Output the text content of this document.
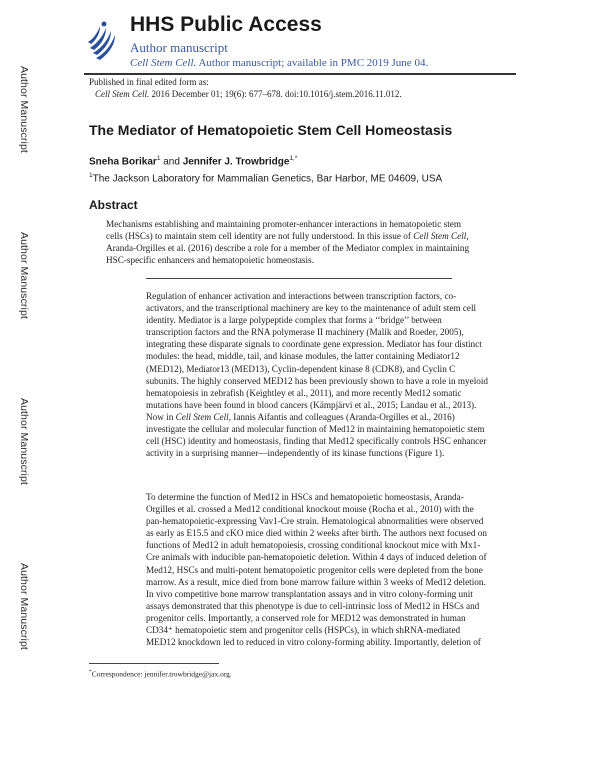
Author Manuscript
Author Manuscript
Author Manuscript
Author Manuscript
HHS Public Access
Author manuscript
Cell Stem Cell. Author manuscript; available in PMC 2019 June 04.
Published in final edited form as:
Cell Stem Cell. 2016 December 01; 19(6): 677–678. doi:10.1016/j.stem.2016.11.012.
The Mediator of Hematopoietic Stem Cell Homeostasis
Sneha Borikar$^1$ and Jennifer J. Trowbridge$^{1,*}$
$^1$The Jackson Laboratory for Mammalian Genetics, Bar Harbor, ME 04609, USA
Abstract
Mechanisms establishing and maintaining promoter-enhancer interactions in hematopoietic stem
cells (HSCs) to maintain stem cell identity are not fully understood. In this issue of Cell Stem Cell,
Aranda-Orgilles et al. (2016) describe a role for a member of the Mediator complex in maintaining
HSC-specific enhancers and hematopoietic homeostasis.
Regulation of enhancer activation and interactions between transcription factors, co-
activators, and the transcriptional machinery are key to the maintenance of adult stem cell
identity. Mediator is a large polypeptide complex that forms a ‘‘bridge’’ between
transcription factors and the RNA polymerase II machinery (Malik and Roeder, 2005),
integrating these disparate signals to coordinate gene expression. Mediator has four distinct
modules: the head, middle, tail, and kinase modules, the latter containing Mediator12
(MED12), Mediator13 (MED13), Cyclin-dependent kinase 8 (CDK8), and Cyclin C
subunits. The highly conserved MED12 has been previously shown to have a role in myeloid
hematopoiesis in zebrafish (Keightley et al., 2011), and more recently Med12 somatic
mutations have been found in blood cancers (Kämpjärvi et al., 2015; Landau et al., 2013).
Now in Cell Stem Cell, Iannis Aifantis and colleagues (Aranda-Orgilles et al., 2016)
investigate the cellular and molecular function of Med12 in maintaining hematopoietic stem
cell (HSC) identity and homeostasis, finding that Med12 specifically controls HSC enhancer
activity in a surprising manner—independently of its kinase functions (Figure 1).
To determine the function of Med12 in HSCs and hematopoietic homeostasis, Aranda-
Orgilles et al. crossed a Med12 conditional knockout mouse (Rocha et al., 2010) with the
pan-hematopoietic-expressing Vav1-Cre strain. Hematological abnormalities were observed
as early as E15.5 and cKO mice died within 2 weeks after birth. The authors next focused on
functions of Med12 in adult hematopoiesis, crossing conditional knockout mice with Mx1-
Cre animals with inducible pan-hematopoietic deletion. Within 4 days of induced deletion of
Med12, HSCs and multi-potent hematopoietic progenitor cells were depleted from the bone
marrow. As a result, mice died from bone marrow failure within 3 weeks of Med12 deletion.
In vivo competitive bone marrow transplantation assays and in vitro colony-forming unit
assays demonstrated that this phenotype is due to cell-intrinsic loss of Med12 in HSCs and
progenitor cells. Importantly, a conserved role for MED12 was demonstrated in human
CD34⁺ hematopoietic stem and progenitor cells (HSPCs), in which shRNA-mediated
MED12 knockdown led to reduced in vitro colony-forming ability. Importantly, deletion of
*Correspondence: jennifer.trowbridge@jax.org.
